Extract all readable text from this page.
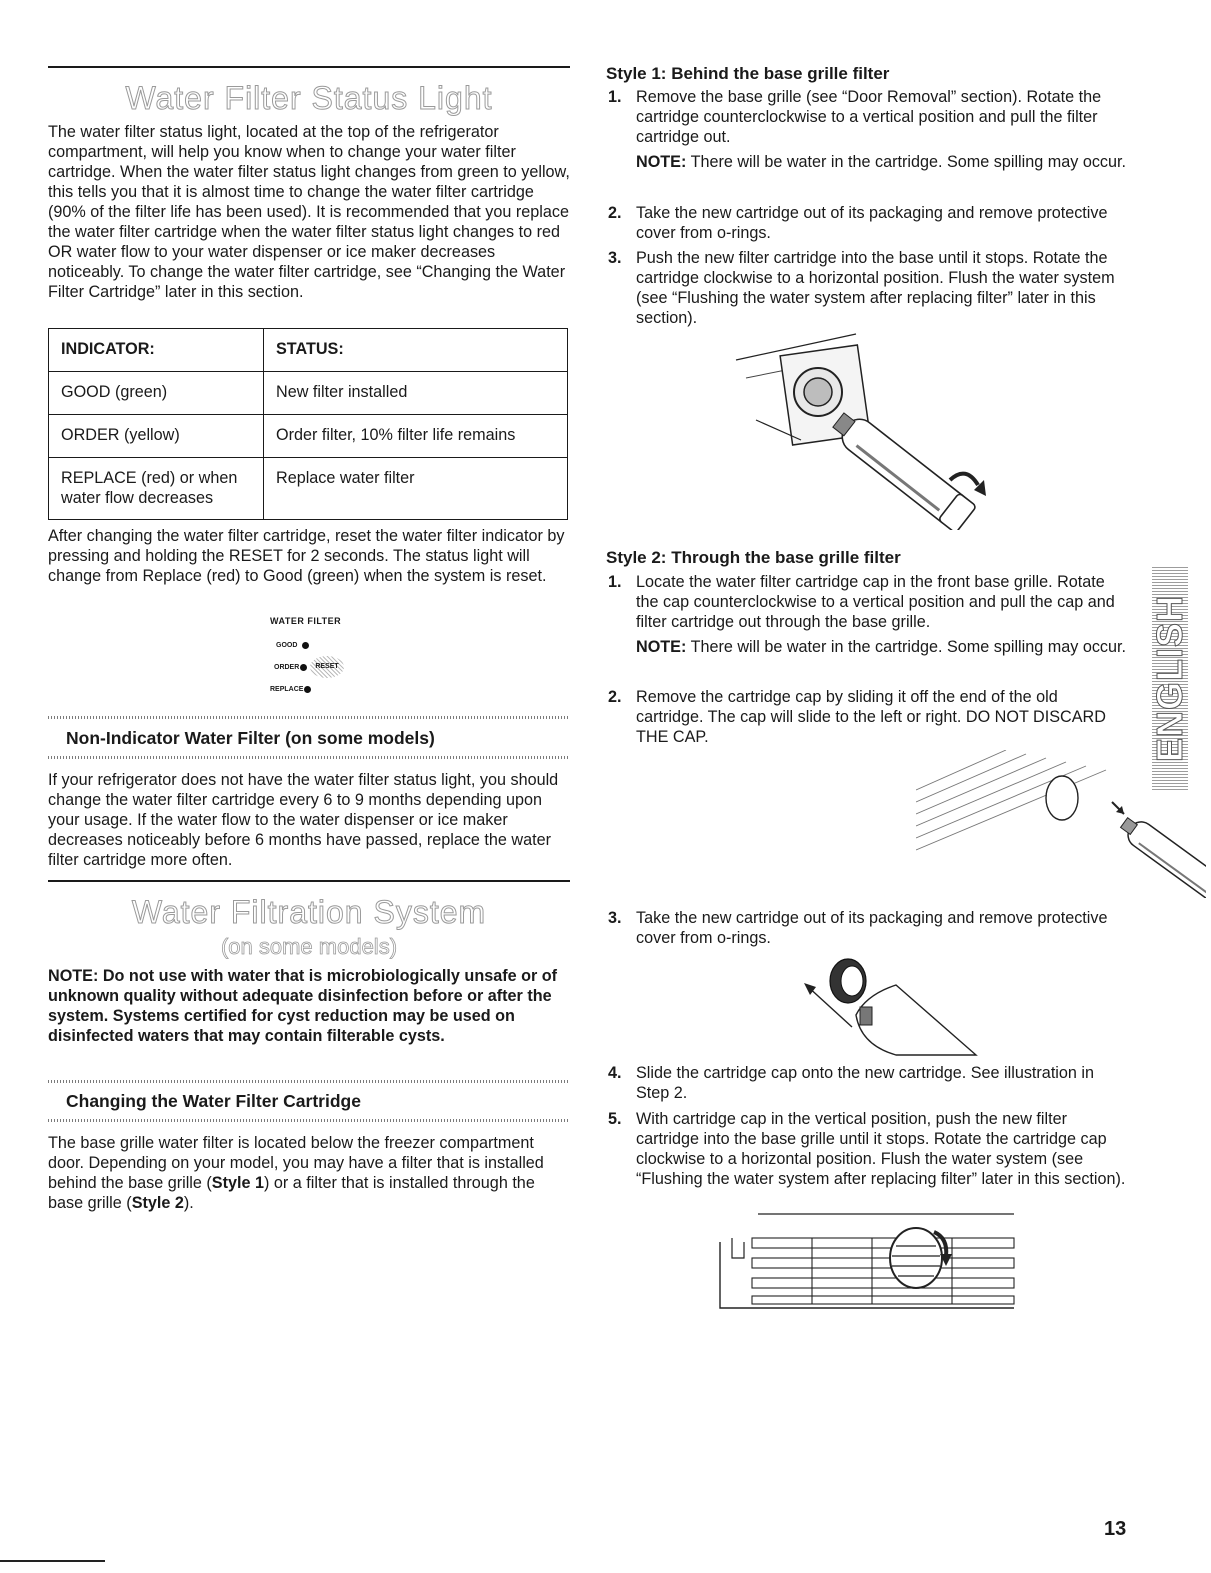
Water Filter Status Light

The water filter status light, located at the top of the refrigerator compartment, will help you know when to change your water filter cartridge. When the water filter status light changes from green to yellow, this tells you that it is almost time to change the water filter cartridge (90% of the filter life has been used). It is recommended that you replace the water filter cartridge when the water filter status light changes to red OR water flow to your water dispenser or ice maker decreases noticeably. To change the water filter cartridge, see “Changing the Water Filter Cartridge” later in this section.

INDICATOR:	STATUS:
GOOD (green)	New filter installed
ORDER (yellow)	Order filter, 10% filter life remains
REPLACE (red) or when water flow decreases	Replace water filter

After changing the water filter cartridge, reset the water filter indicator by pressing and holding the RESET for 2 seconds. The status light will change from Replace (red) to Good (green) when the system is reset.

WATER FILTER
GOOD
ORDER	RESET
REPLACE
Non-Indicator Water Filter (on some models)

If your refrigerator does not have the water filter status light, you should change the water filter cartridge every 6 to 9 months depending upon your usage. If the water flow to the water dispenser or ice maker decreases noticeably before 6 months have passed, replace the water filter cartridge more often.

Water Filtration System
(on some models)

NOTE: Do not use with water that is microbiologically unsafe or of unknown quality without adequate disinfection before or after the system. Systems certified for cyst reduction may be used on disinfected waters that may contain filterable cysts.

Changing the Water Filter Cartridge

The base grille water filter is located below the freezer compartment door. Depending on your model, you may have a filter that is installed behind the base grille (Style 1) or a filter that is installed through the base grille (Style 2).

Style 1: Behind the base grille filter
1. Remove the base grille (see “Door Removal” section). Rotate the cartridge counterclockwise to a vertical position and pull the filter cartridge out.
NOTE: There will be water in the cartridge. Some spilling may occur.
2. Take the new cartridge out of its packaging and remove protective cover from o-rings.
3. Push the new filter cartridge into the base until it stops. Rotate the cartridge clockwise to a horizontal position. Flush the water system (see “Flushing the water system after replacing filter” later in this section).
Style 2: Through the base grille filter
1. Locate the water filter cartridge cap in the front base grille. Rotate the cap counterclockwise to a vertical position and pull the cap and filter cartridge out through the base grille.
NOTE: There will be water in the cartridge. Some spilling may occur.
2. Remove the cartridge cap by sliding it off the end of the old cartridge. The cap will slide to the left or right. DO NOT DISCARD THE CAP.
3. Take the new cartridge out of its packaging and remove protective cover from o-rings.
4. Slide the cartridge cap onto the new cartridge. See illustration in Step 2.
5. With cartridge cap in the vertical position, push the new filter cartridge into the base grille until it stops. Rotate the cartridge cap clockwise to a horizontal position. Flush the water system (see “Flushing the water system after replacing filter” later in this section).
ENGLISH
13
